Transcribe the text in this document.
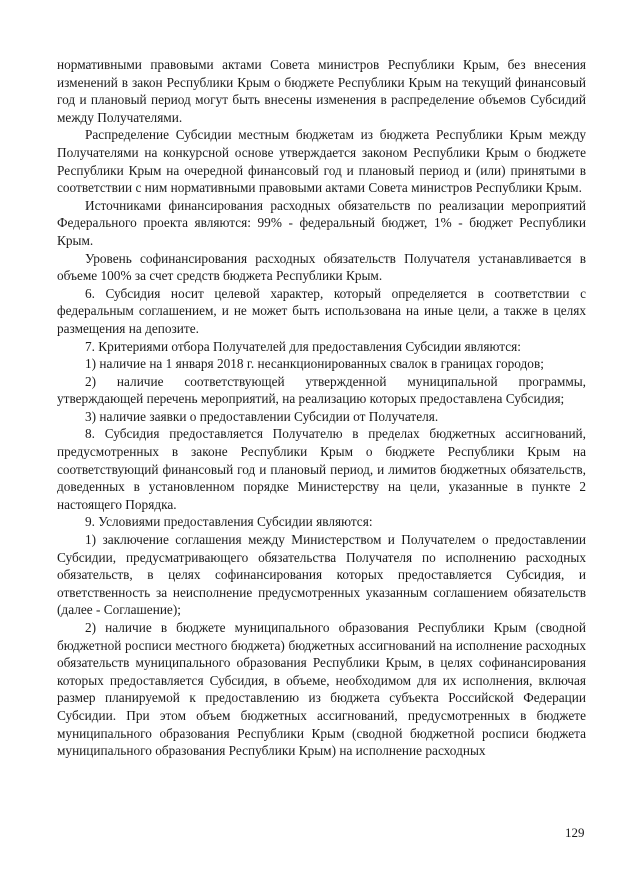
нормативными правовыми актами Совета министров Республики Крым, без внесения изменений в закон Республики Крым о бюджете Республики Крым на текущий финансовый год и плановый период могут быть внесены изменения в распределение объемов Субсидий между Получателями.

Распределение Субсидии местным бюджетам из бюджета Республики Крым между Получателями на конкурсной основе утверждается законом Республики Крым о бюджете Республики Крым на очередной финансовый год и плановый период и (или) принятыми в соответствии с ним нормативными правовыми актами Совета министров Республики Крым.

Источниками финансирования расходных обязательств по реализации мероприятий Федерального проекта являются: 99% - федеральный бюджет, 1% - бюджет Республики Крым.

Уровень софинансирования расходных обязательств Получателя устанавливается в объеме 100% за счет средств бюджета Республики Крым.

6. Субсидия носит целевой характер, который определяется в соответствии с федеральным соглашением, и не может быть использована на иные цели, а также в целях размещения на депозите.

7. Критериями отбора Получателей для предоставления Субсидии являются:

1) наличие на 1 января 2018 г. несанкционированных свалок в границах городов;

2) наличие соответствующей утвержденной муниципальной программы, утверждающей перечень мероприятий, на реализацию которых предоставлена Субсидия;

3) наличие заявки о предоставлении Субсидии от Получателя.

8. Субсидия предоставляется Получателю в пределах бюджетных ассигнований, предусмотренных в законе Республики Крым о бюджете Республики Крым на соответствующий финансовый год и плановый период, и лимитов бюджетных обязательств, доведенных в установленном порядке Министерству на цели, указанные в пункте 2 настоящего Порядка.

9. Условиями предоставления Субсидии являются:

1) заключение соглашения между Министерством и Получателем о предоставлении Субсидии, предусматривающего обязательства Получателя по исполнению расходных обязательств, в целях софинансирования которых предоставляется Субсидия, и ответственность за неисполнение предусмотренных указанным соглашением обязательств (далее - Соглашение);

2) наличие в бюджете муниципального образования Республики Крым (сводной бюджетной росписи местного бюджета) бюджетных ассигнований на исполнение расходных обязательств муниципального образования Республики Крым, в целях софинансирования которых предоставляется Субсидия, в объеме, необходимом для их исполнения, включая размер планируемой к предоставлению из бюджета субъекта Российской Федерации Субсидии. При этом объем бюджетных ассигнований, предусмотренных в бюджете муниципального образования Республики Крым (сводной бюджетной росписи бюджета муниципального образования Республики Крым) на исполнение расходных

129
